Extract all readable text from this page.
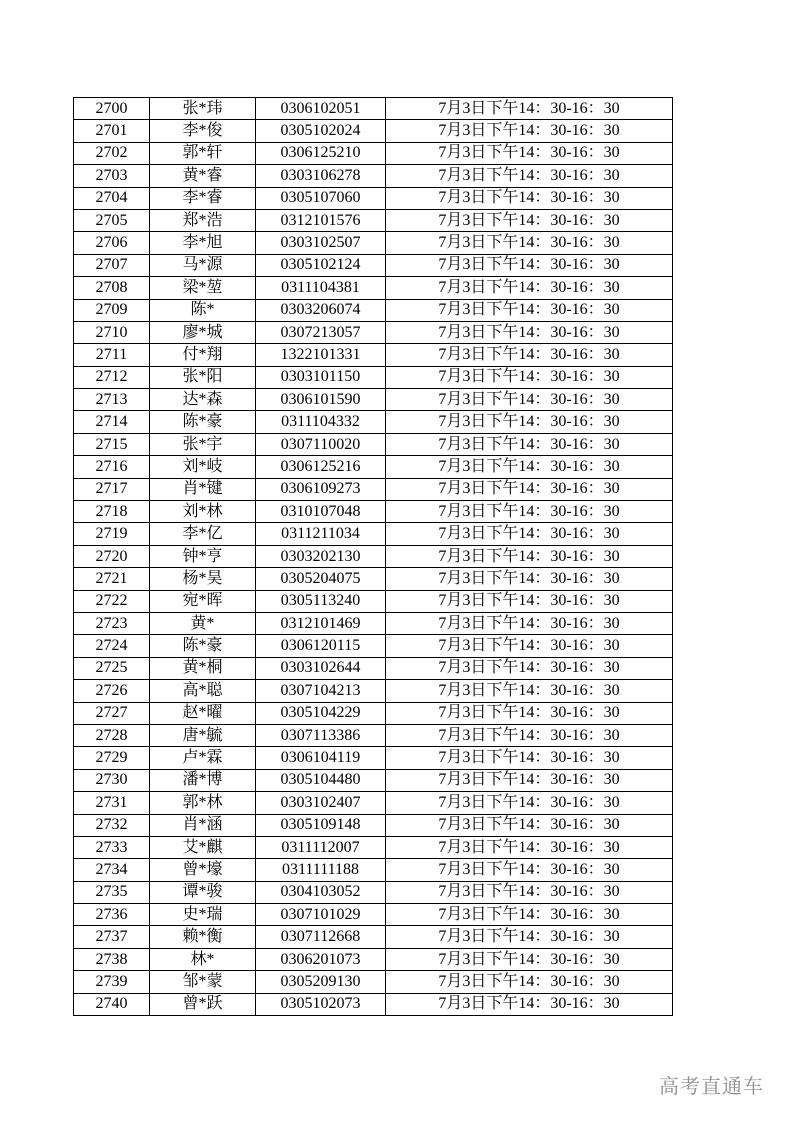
2700	张*玮	0306102051	7月3日下午14：30-16：30
2701	李*俊	0305102024	7月3日下午14：30-16：30
2702	郭*轩	0306125210	7月3日下午14：30-16：30
2703	黄*睿	0303106278	7月3日下午14：30-16：30
2704	李*睿	0305107060	7月3日下午14：30-16：30
2705	郑*浩	0312101576	7月3日下午14：30-16：30
2706	李*旭	0303102507	7月3日下午14：30-16：30
2707	马*源	0305102124	7月3日下午14：30-16：30
2708	梁*堃	0311104381	7月3日下午14：30-16：30
2709	陈*	0303206074	7月3日下午14：30-16：30
2710	廖*城	0307213057	7月3日下午14：30-16：30
2711	付*翔	1322101331	7月3日下午14：30-16：30
2712	张*阳	0303101150	7月3日下午14：30-16：30
2713	达*森	0306101590	7月3日下午14：30-16：30
2714	陈*豪	0311104332	7月3日下午14：30-16：30
2715	张*宇	0307110020	7月3日下午14：30-16：30
2716	刘*岐	0306125216	7月3日下午14：30-16：30
2717	肖*键	0306109273	7月3日下午14：30-16：30
2718	刘*林	0310107048	7月3日下午14：30-16：30
2719	李*亿	0311211034	7月3日下午14：30-16：30
2720	钟*亨	0303202130	7月3日下午14：30-16：30
2721	杨*昊	0305204075	7月3日下午14：30-16：30
2722	宛*晖	0305113240	7月3日下午14：30-16：30
2723	黄*	0312101469	7月3日下午14：30-16：30
2724	陈*豪	0306120115	7月3日下午14：30-16：30
2725	黄*桐	0303102644	7月3日下午14：30-16：30
2726	高*聪	0307104213	7月3日下午14：30-16：30
2727	赵*曜	0305104229	7月3日下午14：30-16：30
2728	唐*毓	0307113386	7月3日下午14：30-16：30
2729	卢*霖	0306104119	7月3日下午14：30-16：30
2730	潘*博	0305104480	7月3日下午14：30-16：30
2731	郭*林	0303102407	7月3日下午14：30-16：30
2732	肖*涵	0305109148	7月3日下午14：30-16：30
2733	艾*麒	0311112007	7月3日下午14：30-16：30
2734	曾*壕	0311111188	7月3日下午14：30-16：30
2735	谭*骏	0304103052	7月3日下午14：30-16：30
2736	史*瑞	0307101029	7月3日下午14：30-16：30
2737	赖*衡	0307112668	7月3日下午14：30-16：30
2738	林*	0306201073	7月3日下午14：30-16：30
2739	邹*蒙	0305209130	7月3日下午14：30-16：30
2740	曾*跃	0305102073	7月3日下午14：30-16：30
高考直通车
